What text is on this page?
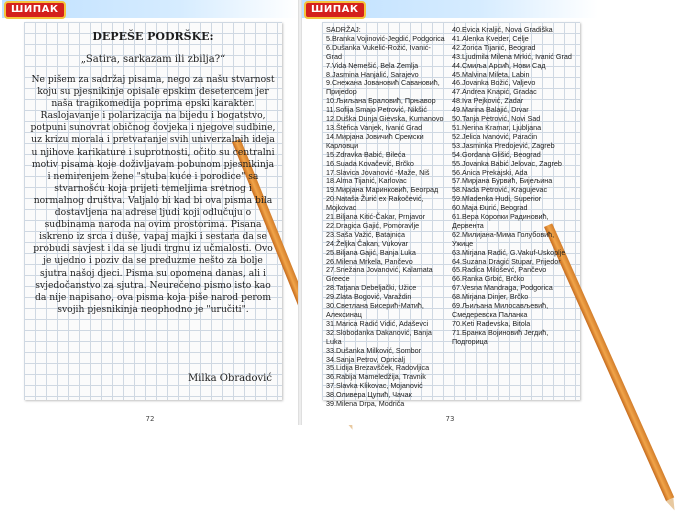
ШИПАК
DEPEŠE PODRŠKE:
„Satira, sarkazam ili zbilja?“
Ne pišem za sadržaj pisama, nego za našu stvarnost koju su pjesnikinje opisale epskim desetercem jer naša tragikomedija poprima epski karakter. Raslojavanje i polarizacija na bijedu i bogatstvo, potpuni sunovrat običnog čovjeka i njegove sudbine, uz krizu morala i pretvaranje svih univerzalnih ideja u njihove karikature i suprotnosti, očito su centralni motiv pisama koje doživljavam pobunom pjesnikinja i nemirenjem žene "stuba kuće i porodice" sa stvarnošću koja prijeti temeljima sretnog i normalnog društva. Valjalo bi kad bi ova pisma bila dostavljena na adrese ljudi koji odlučuju o sudbinama naroda na ovim prostorima. Pisana iskreno iz srca i duše, vapaj majki i sestara da se probudi savjest i da se ljudi trgnu iz učmalosti. Ovo je ujedno i poziv da se preduzme nešto za bolje sjutra našoj djeci. Pisma su opomena danas, ali i svjedočanstvo za sjutra. Neurečeno pismo isto kao da nije napisano, ova pisma koja piše narod perom svojih pjesnikinja neophodno je "uručiti".
Milka Obradović
72
ШИПАК
SADRŽAJ:
5.Branka Vojinović-Jegdić, Podgorica
6.Dušanka Vukelić-Rožić, Ivanić-Grad
7.Vida Nemešić, Bela Zemlja
8.Jasmina Hanjalić, Sarajevo
9.Снежана Јовановић Савановић, Пријedор
10.Љиљана Браловић, Прњавор
11.Sofija Smajo Petrović, Nikšić
12.Duška Dunja Gievska, Kumanovo
13.Štefica Vanjek, Ivanić Grad
14.Мирјана Јовичић Сремски Карловци
15.Zdravka Babić, Bileća
16.Suada Kovačević, Brčko
17.Slavica Jovanović -Maže, Niš
18.Alma Tijanić, Karlovac
19.Мирјана Маринковић, Београд
20.Nataša Žurić ex Rakočević, Mojkovac
21.Biljana Kitić-Čakar, Prnjavor
22.Dragica Gajić, Pomoravlje
23.Saša Važić, Batajnica
24.Željka Čakan, Vukovar
25.Biljana Gajić, Banja Luka
26.Milena Mrkela, Pančevo
27.Snežana Jovanović, Kalamata Greece
28.Tatjana Debeljački, Užice
29.Zlata Bogović, Varaždin
30.Светлана Бисерић-Матић, Алексинац
31.Marica Radić Vidić, Adaševci
32.Slobodanka Dakanović, Banja Luka
33.Dušanka Milković, Sombor
34.Sanja Petrov, Opricalj
35.Lidija Brezavšček, Radovljica
36.Rabija Mameledžija, Travnik
37.Slavka Klikovac, Mojanović
38.Оливера Цупић, Чачак
39.Milena Drpa, Modriča
40.Evica Kraljić, Nova Gradiška
41.Alenka Kveder, Celje
42.Zorica Tijanić, Beograd
43.Ljudmila Milena Mrkić, Ivanić Grad
44.Смиља Арсић, Нови Сад
45.Malvina Mileta, Labin
46.Jovanka Božić, Valjevo
47.Andrea Knapić, Gradac
48.Iva Pejković, Zadar
49.Marina Balajić, Drvar
50.Tanja Petrović, Novi Sad
51.Nerina Kramar, Ljubljana
52.Jelica Ivanović, Paraćin
53.Jasminka Predojević, Zagreb
54.Gordana Glišić, Beograd
55.Jovanka Babić Jelovac, Zagreb
56.Anica Prekajski, Ada
57.Мирјана Бурвић, Бијељина
58.Nada Petrović, Kragujevac
59.Mladenka Hudi, Superior
60.Maja Đurić, Beograd
61.Вера Коропки Радиновић, Дервента
62.Милијана-Мима Голубовић, Ужице
63.Mirjana Radić, G.Vakuf-Uskoplje
64.Suzana Dragić Stupar, Prijedor
65.Radica Miloševć, Pančevo
66.Ranka Grbić, Brčko
67.Vesna Mandraga, Podgorica
68.Mirjana Dinjer, Brčko
69.Љиљана Милосављевић, Смедеревска Паланка
70.Keti Radevska, Bitola
71.Бранка Војиновић Јегдић, Подгорица
73
